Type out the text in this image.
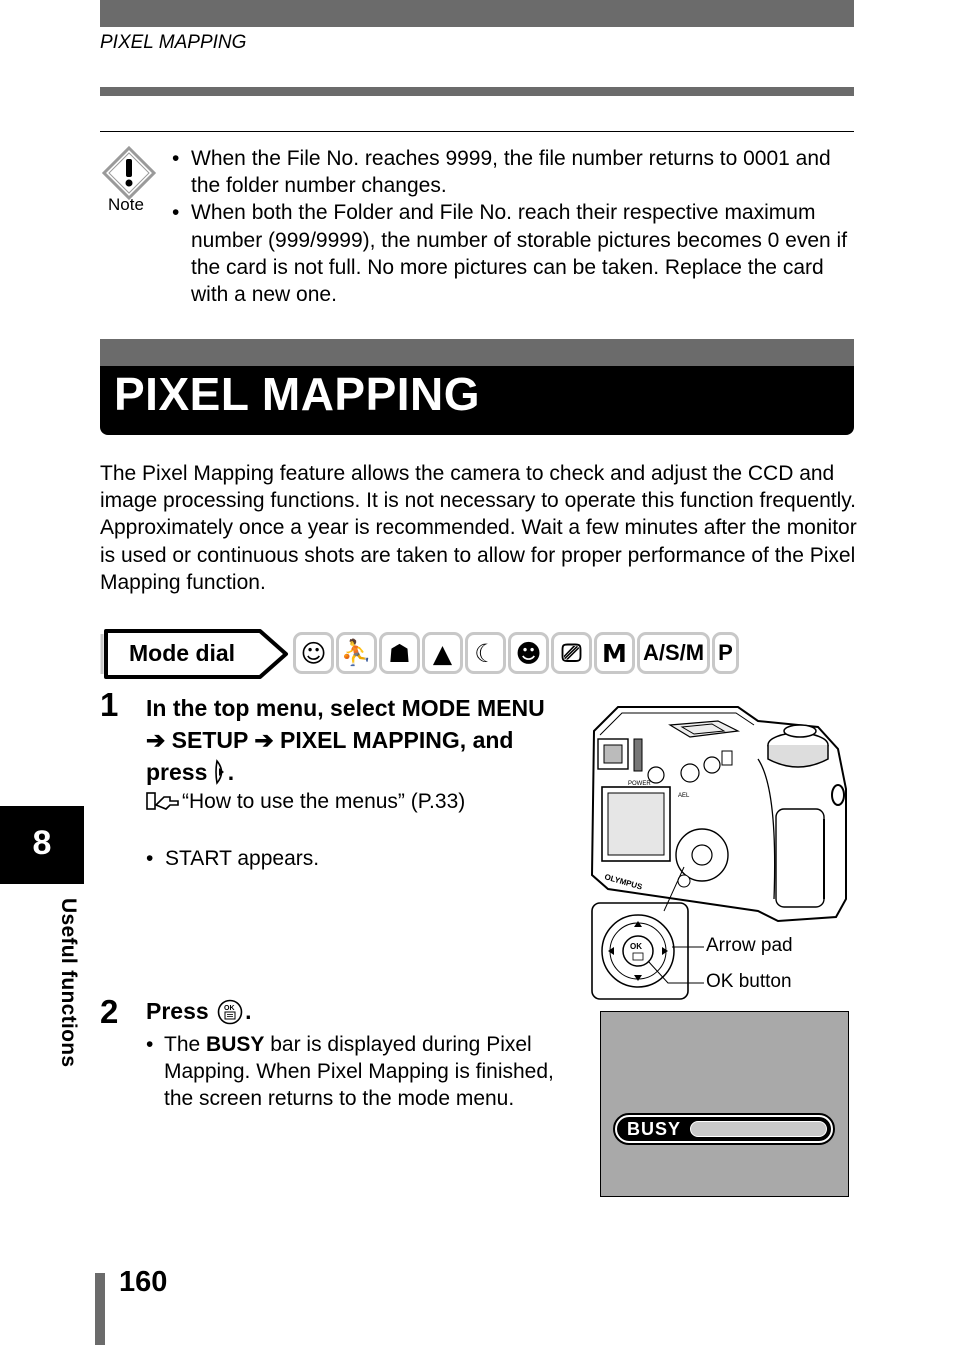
PIXEL MAPPING
Note
• When the File No. reaches 9999, the file number returns to 0001 and the folder number changes.
• When both the Folder and File No. reach their respective maximum number (999/9999), the number of storable pictures becomes 0 even if the card is not full. No more pictures can be taken. Replace the card with a new one.
PIXEL MAPPING
The Pixel Mapping feature allows the camera to check and adjust the CCD and image processing functions. It is not necessary to operate this function frequently. Approximately once a year is recommended. Wait a few minutes after the monitor is used or continuous shots are taken to allow for proper performance of the Pixel Mapping function.
Mode dial	☺ ⛹ ☗ ▲ ☾ ☻ ⎚ M A/S/M P
1 In the top menu, select MODE MENU ➔ SETUP ➔ PIXEL MAPPING, and press .
“How to use the menus” (P.33)
•  START appears.
POWER
AEL
OLYMPUS
OK	Arrow pad
OK button
2 Press OK .
• The BUSY bar is displayed during Pixel Mapping. When Pixel Mapping is finished, the screen returns to the mode menu.
BUSY
8
Useful functions
160
